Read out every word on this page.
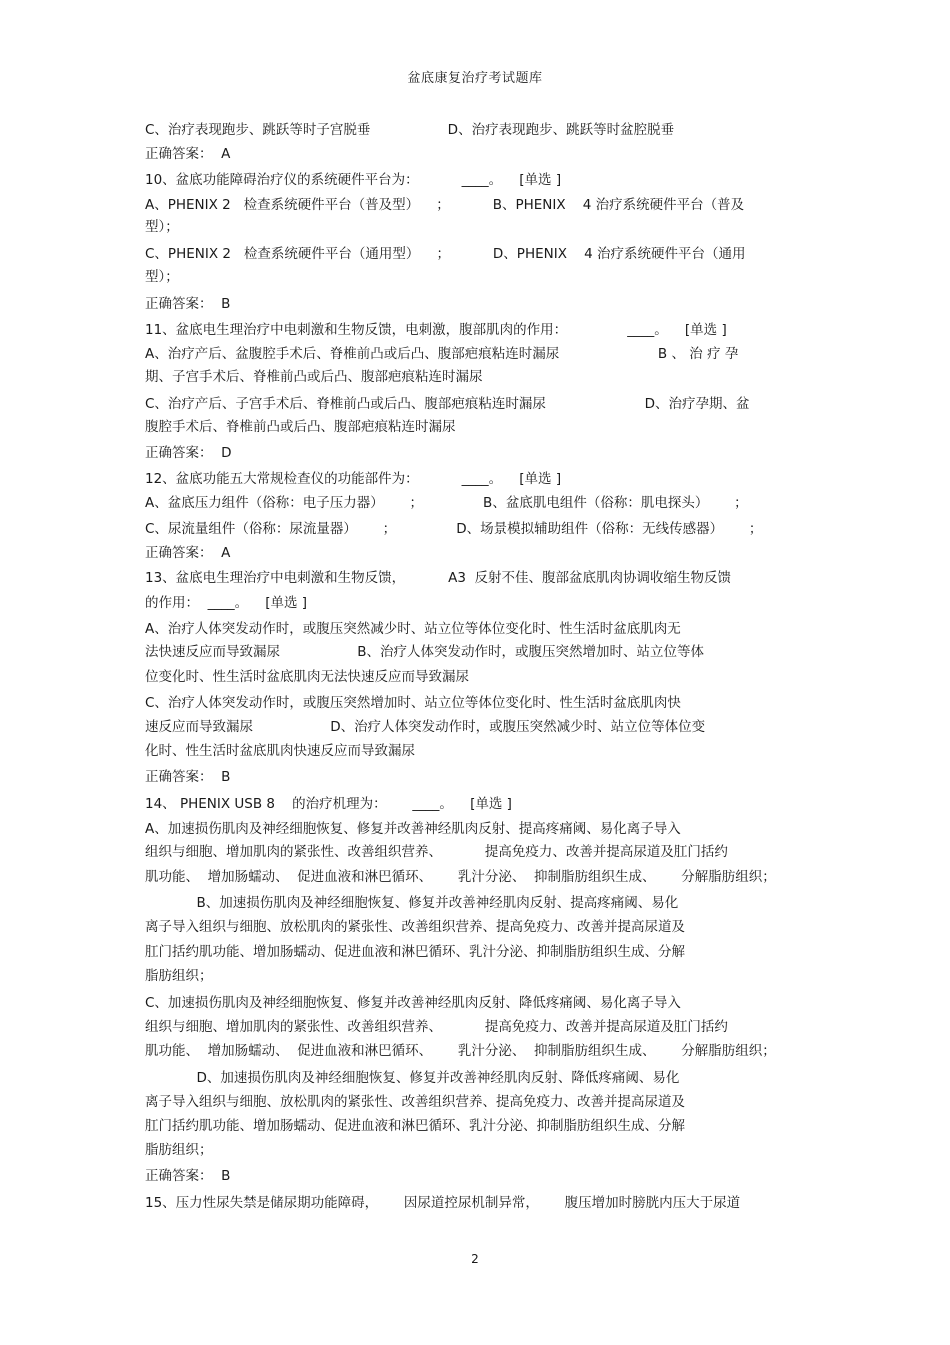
盆底康复治疗考试题库

C、治疗表现跑步、跳跃等时子宫脱垂                  D、治疗表现跑步、跳跃等时盆腔脱垂

正确答案：  A

10、盆底功能障碍治疗仪的系统硬件平台为：          ____。    [单选 ]

A、PHENIX 2   检查系统硬件平台（普及型）    ；          B、PHENIX    4 治疗系统硬件平台（普及

型）；

C、PHENIX 2   检查系统硬件平台（通用型）    ；          D、PHENIX    4 治疗系统硬件平台（通用

型）；

正确答案：  B

11、盆底电生理治疗中电刺激和生物反馈，电刺激，腹部肌肉的作用：              ____。    [单选 ]

A、治疗产后、盆腹腔手术后、脊椎前凸或后凸、腹部疤痕粘连时漏尿                       B 、 治 疗 孕

期、子宫手术后、脊椎前凸或后凸、腹部疤痕粘连时漏尿

C、治疗产后、子宫手术后、脊椎前凸或后凸、腹部疤痕粘连时漏尿                       D、治疗孕期、盆

腹腔手术后、脊椎前凸或后凸、腹部疤痕粘连时漏尿

正确答案：  D

12、盆底功能五大常规检查仪的功能部件为：          ____。    [单选 ]

A、盆底压力组件（俗称：电子压力器）      ；              B、盆底肌电组件（俗称：肌电探头）      ；

C、尿流量组件（俗称：尿流量器）      ；              D、场景模拟辅助组件（俗称：无线传感器）      ；

正确答案：  A

13、盆底电生理治疗中电刺激和生物反馈，          A3  反射不佳、腹部盆底肌肉协调收缩生物反馈

的作用：  ____。    [单选 ]

A、治疗人体突发动作时，或腹压突然减少时、站立位等体位变化时、性生活时盆底肌肉无

法快速反应而导致漏尿                  B、治疗人体突发动作时，或腹压突然增加时、站立位等体

位变化时、性生活时盆底肌肉无法快速反应而导致漏尿

C、治疗人体突发动作时，或腹压突然增加时、站立位等体位变化时、性生活时盆底肌肉快

速反应而导致漏尿                  D、治疗人体突发动作时，或腹压突然减少时、站立位等体位变

化时、性生活时盆底肌肉快速反应而导致漏尿

正确答案：  B

14、 PHENIX USB 8    的治疗机理为：      ____。    [单选 ]

A、加速损伤肌肉及神经细胞恢复、修复并改善神经肌肉反射、提高疼痛阈、易化离子导入

组织与细胞、增加肌肉的紧张性、改善组织营养、          提高免疫力、改善并提高尿道及肛门括约

肌功能、  增加肠蠕动、  促进血液和淋巴循环、      乳汁分泌、  抑制脂肪组织生成、      分解脂肪组织；

B、加速损伤肌肉及神经细胞恢复、修复并改善神经肌肉反射、提高疼痛阈、易化

离子导入组织与细胞、放松肌肉的紧张性、改善组织营养、提高免疫力、改善并提高尿道及

肛门括约肌功能、增加肠蠕动、促进血液和淋巴循环、乳汁分泌、抑制脂肪组织生成、分解

脂肪组织；

C、加速损伤肌肉及神经细胞恢复、修复并改善神经肌肉反射、降低疼痛阈、易化离子导入

组织与细胞、增加肌肉的紧张性、改善组织营养、          提高免疫力、改善并提高尿道及肛门括约

肌功能、  增加肠蠕动、  促进血液和淋巴循环、      乳汁分泌、  抑制脂肪组织生成、      分解脂肪组织；

D、加速损伤肌肉及神经细胞恢复、修复并改善神经肌肉反射、降低疼痛阈、易化

离子导入组织与细胞、放松肌肉的紧张性、改善组织营养、提高免疫力、改善并提高尿道及

肛门括约肌功能、增加肠蠕动、促进血液和淋巴循环、乳汁分泌、抑制脂肪组织生成、分解

脂肪组织；

正确答案：  B

15、压力性尿失禁是储尿期功能障碍，      因尿道控尿机制异常，      腹压增加时膀胱内压大于尿道

2
